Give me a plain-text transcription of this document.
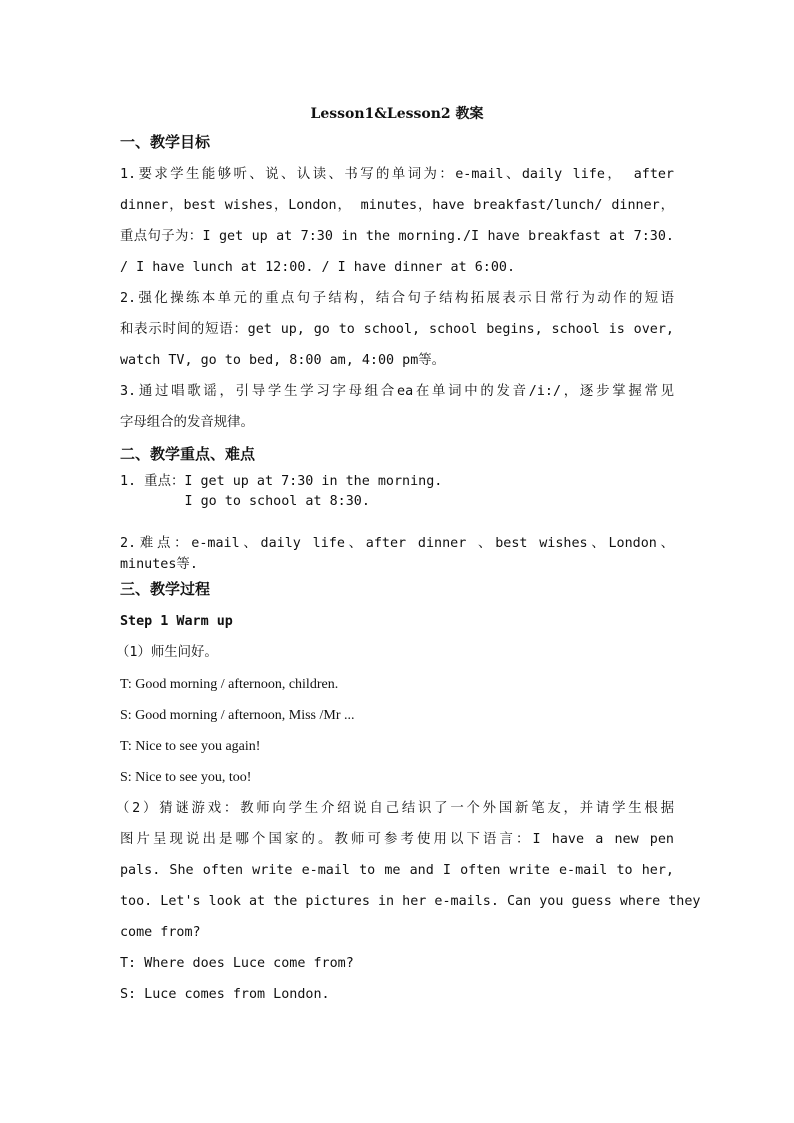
Lesson1&Lesson2 教案
一、教学目标
1.要求学生能够听、说、认读、书写的单词为：e-mail、daily life， after
dinner，best wishes，London， minutes，have breakfast/lunch/ dinner，
重点句子为：I get up at 7:30 in the morning./I have breakfast at 7:30.
/ I have lunch at 12:00. / I have dinner at 6:00.
2.强化操练本单元的重点句子结构，结合句子结构拓展表示日常行为动作的短语
和表示时间的短语：get up, go to school, school begins, school is over,
watch TV, go to bed, 8:00 am, 4:00 pm等。
3.通过唱歌谣，引导学生学习字母组合ea在单词中的发音/i:/，逐步掌握常见
字母组合的发音规律。
二、教学重点、难点
1. 重点：I get up at 7:30 in the morning.
I go to school at 8:30.
2.难点：e-mail、daily life、after dinner 、best wishes、London、
minutes等.
三、教学过程
Step 1 Warm up
（1）师生问好。
T: Good morning / afternoon, children.
S: Good morning / afternoon, Miss /Mr ...
T: Nice to see you again!
S: Nice to see you, too!
（2）猜谜游戏：教师向学生介绍说自己结识了一个外国新笔友，并请学生根据
图片呈现说出是哪个国家的。教师可参考使用以下语言：I have a new pen
pals. She often write e-mail to me and I often write e-mail to her,
too. Let's look at the pictures in her e-mails. Can you guess where they
come from?
T: Where does Luce come from?
S: Luce comes from London.
